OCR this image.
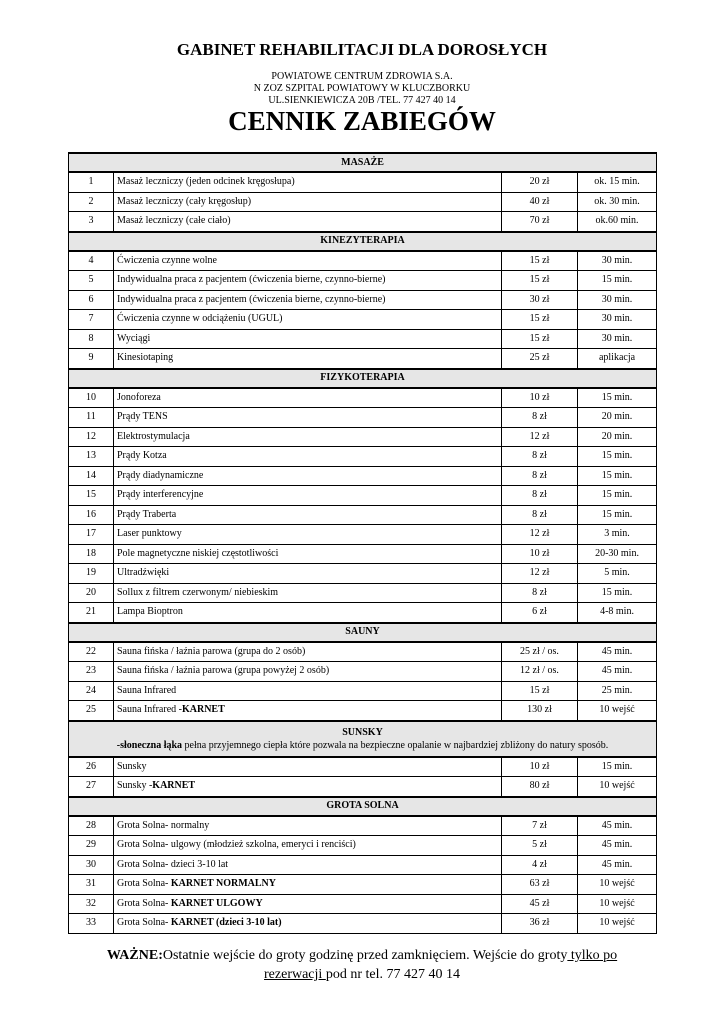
GABINET REHABILITACJI DLA DOROSŁYCH
POWIATOWE CENTRUM ZDROWIA S.A.
N ZOZ SZPITAL POWIATOWY W KLUCZBORKU
UL.SIENKIEWICZA 20B /TEL. 77 427 40 14
CENNIK ZABIEGÓW
MASAŻE			
1	Masaż leczniczy (jeden odcinek kręgosłupa)	20 zł	ok. 15 min.
2	Masaż leczniczy (cały kręgosłup)	40 zł	ok. 30 min.
3	Masaż leczniczy (całe ciało)	70 zł	ok.60 min.
KINEZYTERAPIA			
4	Ćwiczenia czynne wolne	15 zł	30 min.
5	Indywidualna praca z pacjentem (ćwiczenia bierne, czynno-bierne)	15 zł	15 min.
6	Indywidualna praca z pacjentem (ćwiczenia bierne, czynno-bierne)	30 zł	30 min.
7	Ćwiczenia czynne w odciążeniu (UGUL)	15 zł	30 min.
8	Wyciągi	15 zł	30 min.
9	Kinesiotaping	25 zł	aplikacja
FIZYKOTERAPIA			
10	Jonoforeza	10 zł	15 min.
11	Prądy TENS	8 zł	20 min.
12	Elektrostymulacja	12 zł	20 min.
13	Prądy Kotza	8 zł	15 min.
14	Prądy diadynamiczne	8 zł	15 min.
15	Prądy interferencyjne	8 zł	15 min.
16	Prądy Traberta	8 zł	15 min.
17	Laser punktowy	12 zł	3 min.
18	Pole magnetyczne niskiej częstotliwości	10 zł	20-30 min.
19	Ultradźwięki	12 zł	5 min.
20	Sollux z filtrem czerwonym/ niebieskim	8 zł	15 min.
21	Lampa Bioptron	6 zł	4-8 min.
SAUNY			
22	Sauna fińska / łaźnia parowa (grupa do 2 osób)	25 zł / os.	45 min.
23	Sauna fińska / łaźnia parowa (grupa powyżej 2 osób)	12 zł / os.	45 min.
24	Sauna Infrared	15 zł	25 min.
25	Sauna Infrared -KARNET	130 zł	10 wejść

SUNSKY
-słoneczna łąka pełna przyjemnego ciepła które pozwala na bezpieczne opalanie w najbardziej zbliżony do natury sposób.			
26	Sunsky	10 zł	15 min.
27	Sunsky -KARNET	80 zł	10 wejść
GROTA SOLNA			
28	Grota Solna- normalny	7 zł	45 min.
29	Grota Solna- ulgowy (młodzież szkolna, emeryci i renciści)	5 zł	45 min.
30	Grota Solna- dzieci 3-10 lat	4 zł	45 min.
31	Grota Solna- KARNET NORMALNY	63 zł	10 wejść
32	Grota Solna- KARNET ULGOWY	45 zł	10 wejść
33	Grota Solna- KARNET (dzieci 3-10 lat)	36 zł	10 wejść
WAŻNE:Ostatnie wejście do groty godzinę przed zamknięciem. Wejście do groty tylko po
rezerwacji pod nr tel. 77 427 40 14
